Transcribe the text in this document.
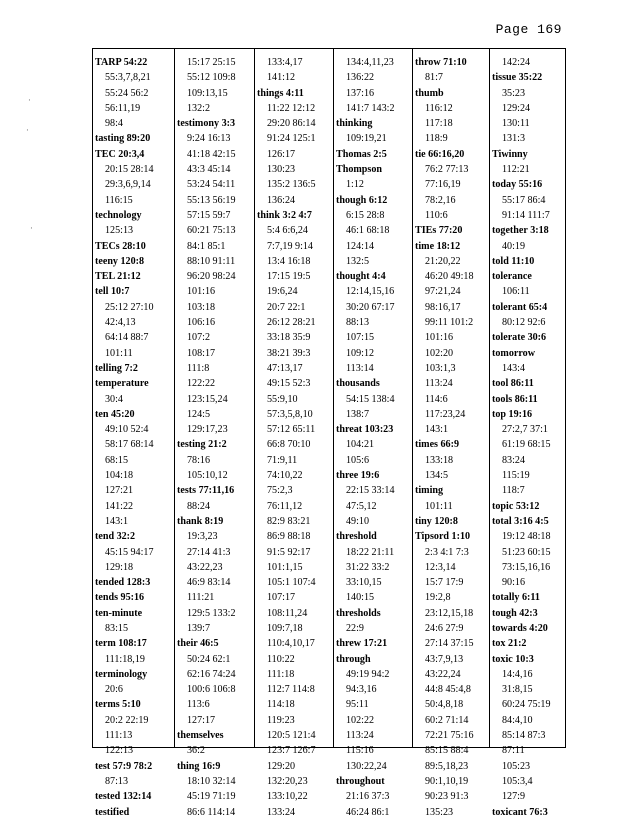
Page 169
·
·
·
TARP 54:22
55:3,7,8,21
55:24 56:2
56:11,19
98:4
tasting 89:20
TEC 20:3,4
20:15 28:14
29:3,6,9,14
116:15
technology
125:13
TECs 28:10
teeny 120:8
TEL 21:12
tell 10:7
25:12 27:10
42:4,13
64:14 88:7
101:11
telling 7:2
temperature
30:4
ten 45:20
49:10 52:4
58:17 68:14
68:15
104:18
127:21
141:22
143:1
tend 32:2
45:15 94:17
129:18
tended 128:3
tends 95:16
ten-minute
83:15
term 108:17
111:18,19
terminology
20:6
terms 5:10
20:2 22:19
111:13
122:13
test 57:9 78:2
87:13
tested 132:14
testified
15:17 25:15
55:12 109:8
109:13,15
132:2
testimony 3:3
9:24 16:13
41:18 42:15
43:3 45:14
53:24 54:11
55:13 56:19
57:15 59:7
60:21 75:13
84:1 85:1
88:10 91:11
96:20 98:24
101:16
103:18
106:16
107:2
108:17
111:8
122:22
123:15,24
124:5
129:17,23
testing 21:2
78:16
105:10,12
tests 77:11,16
88:24
thank 8:19
19:3,23
27:14 41:3
43:22,23
46:9 83:14
111:21
129:5 133:2
139:7
their 46:5
50:24 62:1
62:16 74:24
100:6 106:8
113:6
127:17
themselves
36:2
thing 16:9
18:10 32:14
45:19 71:19
86:6 114:14
133:4,17
141:12
things 4:11
11:22 12:12
29:20 86:14
91:24 125:1
126:17
130:23
135:2 136:5
136:24
think 3:2 4:7
5:4 6:6,24
7:7,19 9:14
13:4 16:18
17:15 19:5
19:6,24
20:7 22:1
26:12 28:21
33:18 35:9
38:21 39:3
47:13,17
49:15 52:3
55:9,10
57:3,5,8,10
57:12 65:11
66:8 70:10
71:9,11
74:10,22
75:2,3
76:11,12
82:9 83:21
86:9 88:18
91:5 92:17
101:1,15
105:1 107:4
107:17
108:11,24
109:7,18
110:4,10,17
110:22
111:18
112:7 114:8
114:18
119:23
120:5 121:4
123:7 126:7
129:20
132:20,23
133:10,22
133:24
134:4,11,23
136:22
137:16
141:7 143:2
thinking
109:19,21
Thomas 2:5
Thompson
1:12
though 6:12
6:15 28:8
46:1 68:18
124:14
132:5
thought 4:4
12:14,15,16
30:20 67:17
88:13
107:15
109:12
113:14
thousands
54:15 138:4
138:7
threat 103:23
104:21
105:6
three 19:6
22:15 33:14
47:5,12
49:10
threshold
18:22 21:11
31:22 33:2
33:10,15
140:15
thresholds
22:9
threw 17:21
through
49:19 94:2
94:3,16
95:11
102:22
113:24
115:16
130:22,24
throughout
21:16 37:3
46:24 86:1
throw 71:10
81:7
thumb
116:12
117:18
118:9
tie 66:16,20
76:2 77:13
77:16,19
78:2,16
110:6
TIEs 77:20
time 18:12
21:20,22
46:20 49:18
97:21,24
98:16,17
99:11 101:2
101:16
102:20
103:1,3
113:24
114:6
117:23,24
143:1
times 66:9
133:18
134:5
timing
101:11
tiny 120:8
Tipsord 1:10
2:3 4:1 7:3
12:3,14
15:7 17:9
19:2,8
23:12,15,18
24:6 27:9
27:14 37:15
43:7,9,13
43:22,24
44:8 45:4,8
50:4,8,18
60:2 71:14
72:21 75:16
85:15 88:4
89:5,18,23
90:1,10,19
90:23 91:3
135:23
142:24
tissue 35:22
35:23
129:24
130:11
131:3
Tiwinny
112:21
today 55:16
55:17 86:4
91:14 111:7
together 3:18
40:19
told 11:10
tolerance
106:11
tolerant 65:4
80:12 92:6
tolerate 30:6
tomorrow
143:4
tool 86:11
tools 86:11
top 19:16
27:2,7 37:1
61:19 68:15
83:24
115:19
118:7
topic 53:12
total 3:16 4:5
19:12 48:18
51:23 60:15
73:15,16,16
90:16
totally 6:11
tough 42:3
towards 4:20
tox 21:2
toxic 10:3
14:4,16
31:8,15
60:24 75:19
84:4,10
85:14 87:3
87:11
105:23
105:3,4
127:9
toxicant 76:3
